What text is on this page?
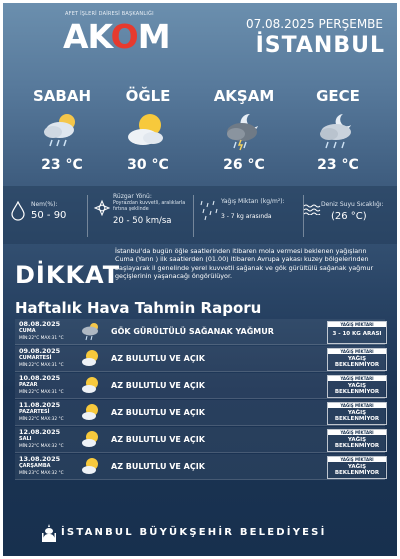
AFET İŞLERİ DAİRESİ BAŞKANLIĞI
AKOM	07.08.2025 PERŞEMBE
İSTANBUL
SABAH
23 °C
ÖĞLE
30 °C
AKŞAM
26 °C
GECE
23 °C
Nem(%):
50 - 90
Rüzgar Yönü:
Poyrazdan kuvvetli, aralıklarla fırtına şeklinde
20 - 50 km/sa
Yağış Miktarı (kg/m²):
3 - 7 kg arasında
Deniz Suyu Sıcaklığı:
(26 °C)
DİKKAT
İstanbul'da bugün öğle saatlerinden itibaren mola vermesi beklenen yağışların Cuma (Yarın ) ilk saatlerden (01.00) itibaren Avrupa yakası kuzey bölgelerinden başlayarak il genelinde yerel kuvvetli sağanak ve gök gürültülü sağanak yağmur geçişlerinin yaşanacağı öngörülüyor.
Haftalık Hava Tahmin Raporu
08.08.2025
CUMA
MİN:22°C MAX:31 °C
GÖK GÜRÜLTÜLÜ SAĞANAK YAĞMUR
YAĞIŞ MİKTARI
3 - 10 KG ARASI
09.08.2025
CUMARTESİ
MİN:22°C MAX:31 °C
AZ BULUTLU VE AÇIK
YAĞIŞ MİKTARI
YAĞIŞ BEKLENMİYOR
10.08.2025
PAZAR
MİN:22°C MAX:31 °C
AZ BULUTLU VE AÇIK
YAĞIŞ MİKTARI
YAĞIŞ BEKLENMİYOR
11.08.2025
PAZARTESİ
MİN:22°C MAX:32 °C
AZ BULUTLU VE AÇIK
YAĞIŞ MİKTARI
YAĞIŞ BEKLENMİYOR
12.08.2025
SALI
MİN:22°C MAX:32 °C
AZ BULUTLU VE AÇIK
YAĞIŞ MİKTARI
YAĞIŞ BEKLENMİYOR
13.08.2025
ÇARŞAMBA
MİN:23°C MAX:32 °C
AZ BULUTLU VE AÇIK
YAĞIŞ MİKTARI
YAĞIŞ BEKLENMİYOR
İSTANBUL BÜYÜKŞEHİR BELEDİYESİ
